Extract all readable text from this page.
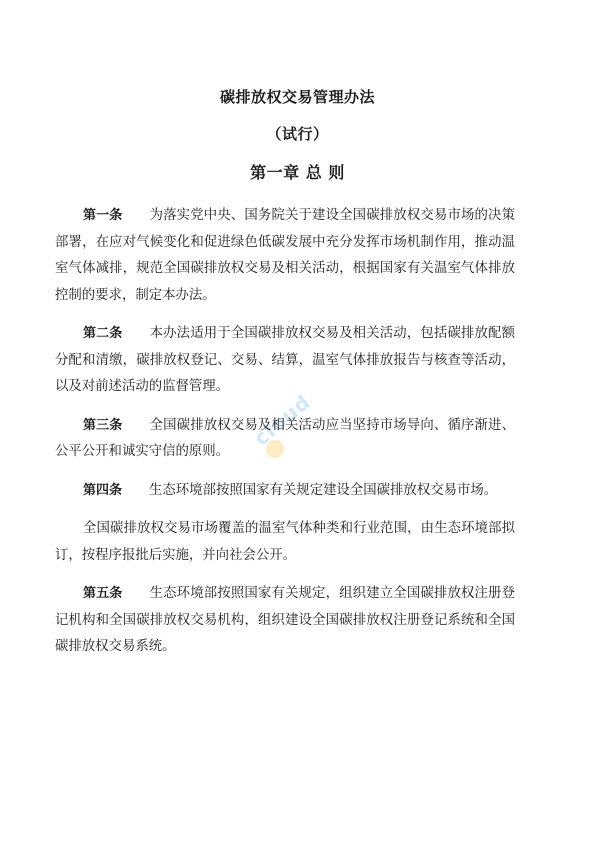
碳排放权交易管理办法
（试行）
第一章 总 则
cloud

第一条 为落实党中央、国务院关于建设全国碳排放权交易市场的决策部署，在应对气候变化和促进绿色低碳发展中充分发挥市场机制作用，推动温室气体减排，规范全国碳排放权交易及相关活动，根据国家有关温室气体排放控制的要求，制定本办法。

第二条 本办法适用于全国碳排放权交易及相关活动，包括碳排放配额分配和清缴，碳排放权登记、交易、结算，温室气体排放报告与核查等活动，以及对前述活动的监督管理。

第三条 全国碳排放权交易及相关活动应当坚持市场导向、循序渐进、公平公开和诚实守信的原则。

第四条 生态环境部按照国家有关规定建设全国碳排放权交易市场。

全国碳排放权交易市场覆盖的温室气体种类和行业范围，由生态环境部拟订，按程序报批后实施，并向社会公开。

第五条 生态环境部按照国家有关规定，组织建立全国碳排放权注册登记机构和全国碳排放权交易机构，组织建设全国碳排放权注册登记系统和全国碳排放权交易系统。
